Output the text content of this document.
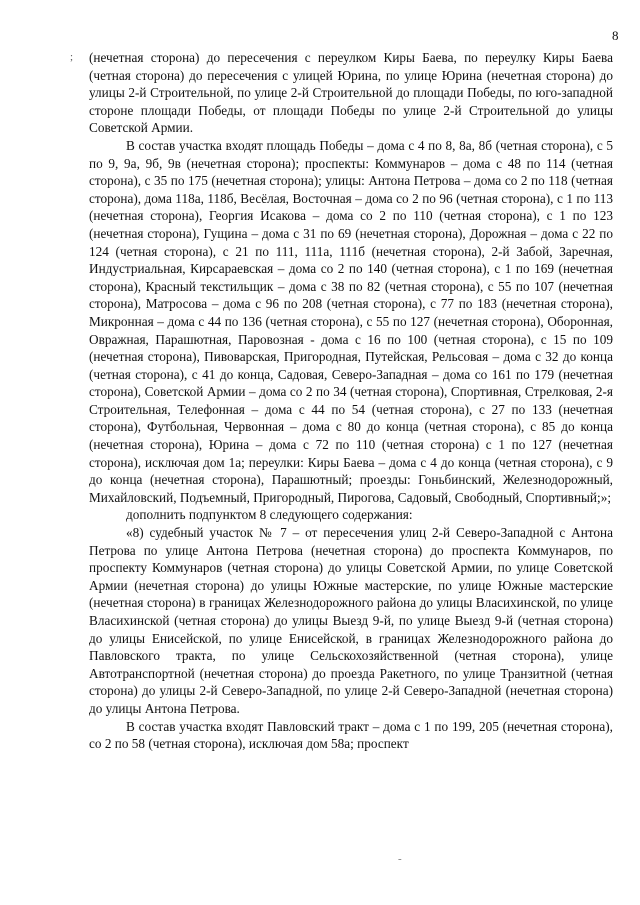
8
; (нечетная сторона) до пересечения с переулком Киры Баева, по переулку Киры Баева (четная сторона) до пересечения с улицей Юрина, по улице Юрина (нечетная сторона) до улицы 2-й Строительной, по улице 2-й Строительной до площади Победы, по юго-западной стороне площади Победы, от площади Победы по улице 2-й Строительной до улицы Советской Армии.

В состав участка входят площадь Победы – дома с 4 по 8, 8а, 8б (четная сторона), с 5 по 9, 9а, 9б, 9в (нечетная сторона); проспекты: Коммунаров – дома с 48 по 114 (четная сторона), с 35 по 175 (нечетная сторона); улицы: Антона Петрова – дома со 2 по 118 (четная сторона), дома 118а, 118б, Весёлая, Восточная – дома со 2 по 96 (четная сторона), с 1 по 113 (нечетная сторона), Георгия Исакова – дома со 2 по 110 (четная сторона), с 1 по 123 (нечетная сторона), Гущина – дома с 31 по 69 (нечетная сторона), Дорожная – дома с 22 по 124 (четная сторона), с 21 по 111, 111а, 111б (нечетная сторона), 2-й Забой, Заречная, Индустриальная, Кирсараевская – дома со 2 по 140 (четная сторона), с 1 по 169 (нечетная сторона), Красный текстильщик – дома с 38 по 82 (четная сторона), с 55 по 107 (нечетная сторона), Матросова – дома с 96 по 208 (четная сторона), с 77 по 183 (нечетная сторона), Микронная – дома с 44 по 136 (четная сторона), с 55 по 127 (нечетная сторона), Оборонная, Овражная, Парашютная, Паровозная - дома с 16 по 100 (четная сторона), с 15 по 109 (нечетная сторона), Пивоварская, Пригородная, Путейская, Рельсовая – дома с 32 до конца (четная сторона), с 41 до конца, Садовая, Северо-Западная – дома со 161 по 179 (нечетная сторона), Советской Армии – дома со 2 по 34 (четная сторона), Спортивная, Стрелковая, 2-я Строительная, Телефонная – дома с 44 по 54 (четная сторона), с 27 по 133 (нечетная сторона), Футбольная, Червонная – дома с 80 до конца (четная сторона), с 85 до конца (нечетная сторона), Юрина – дома с 72 по 110 (четная сторона) с 1 по 127 (нечетная сторона), исключая дом 1а; переулки: Киры Баева – дома с 4 до конца (четная сторона), с 9 до конца (нечетная сторона), Парашютный; проезды: Гоньбинский, Железнодорожный, Михайловский, Подъемный, Пригородный, Пирогова, Садовый, Свободный, Спортивный;»;

дополнить подпунктом 8 следующего содержания:

«8) судебный участок № 7 – от пересечения улиц 2-й Северо-Западной с Антона Петрова по улице Антона Петрова (нечетная сторона) до проспекта Коммунаров, по проспекту Коммунаров (четная сторона) до улицы Советской Армии, по улице Советской Армии (нечетная сторона) до улицы Южные мастерские, по улице Южные мастерские (нечетная сторона) в границах Железнодорожного района до улицы Власихинской, по улице Власихинской (четная сторона) до улицы Выезд 9-й, по улице Выезд 9-й (четная сторона) до улицы Енисейской, по улице Енисейской, в границах Железнодорожного района до Павловского тракта, по улице Сельскохозяйственной (четная сторона), улице Автотранспортной (нечетная сторона) до проезда Ракетного, по улице Транзитной (четная сторона) до улицы 2-й Северо-Западной, по улице 2-й Северо-Западной (нечетная сторона) до улицы Антона Петрова.

В состав участка входят Павловский тракт – дома с 1 по 199, 205 (нечетная сторона), со 2 по 58 (четная сторона), исключая дом 58а; проспект

-
